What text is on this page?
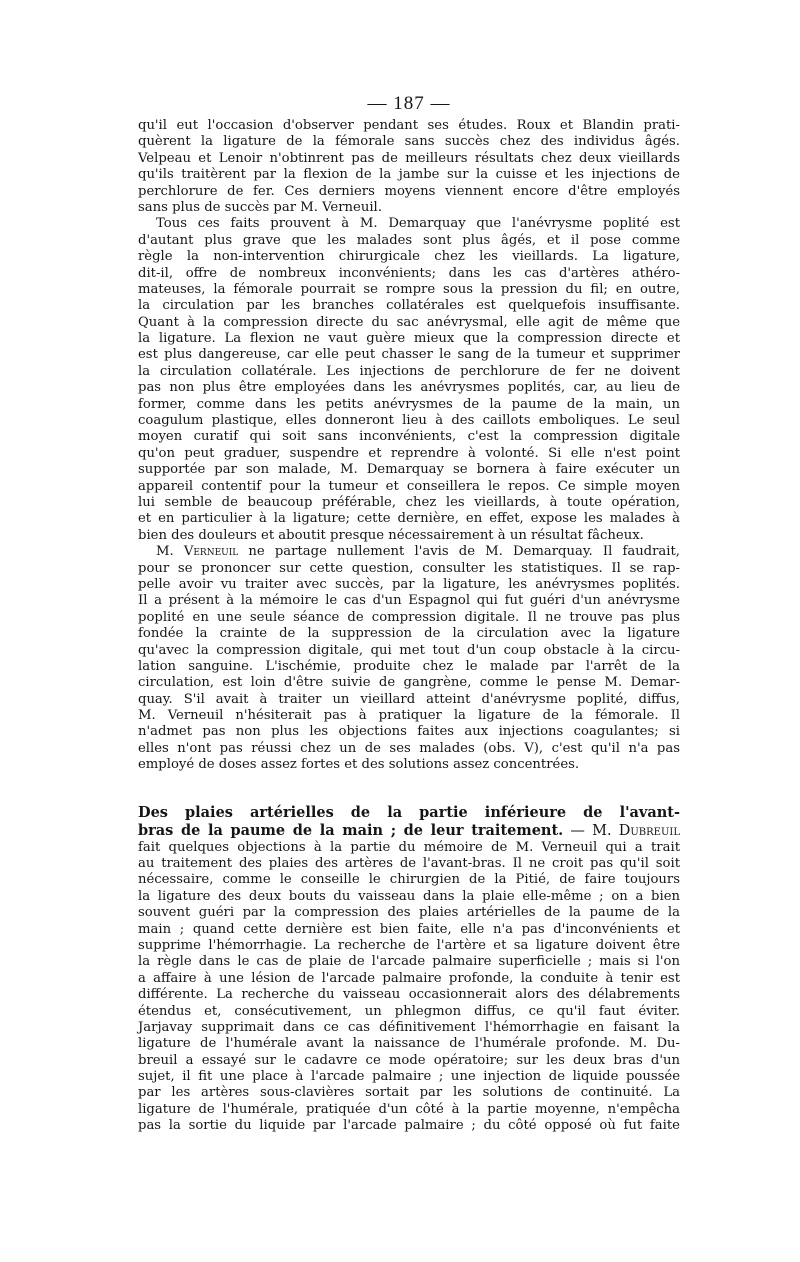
— 187 —
qu'il eut l'occasion d'observer pendant ses études. Roux et Blandin prati-
quèrent la ligature de la fémorale sans succès chez des individus âgés.
Velpeau et Lenoir n'obtinrent pas de meilleurs résultats chez deux vieillards
qu'ils traitèrent par la flexion de la jambe sur la cuisse et les injections de
perchlorure de fer. Ces derniers moyens viennent encore d'être employés
sans plus de succès par M. Verneuil.
Tous ces faits prouvent à M. Demarquay que l'anévrysme poplité est
d'autant plus grave que les malades sont plus âgés, et il pose comme
règle la non-intervention chirurgicale chez les vieillards. La ligature,
dit-il, offre de nombreux inconvénients; dans les cas d'artères athéro-
mateuses, la fémorale pourrait se rompre sous la pression du fil; en outre,
la circulation par les branches collatérales est quelquefois insuffisante.
Quant à la compression directe du sac anévrysmal, elle agit de même que
la ligature. La flexion ne vaut guère mieux que la compression directe et
est plus dangereuse, car elle peut chasser le sang de la tumeur et supprimer
la circulation collatérale. Les injections de perchlorure de fer ne doivent
pas non plus être employées dans les anévrysmes poplités, car, au lieu de
former, comme dans les petits anévrysmes de la paume de la main, un
coagulum plastique, elles donneront lieu à des caillots emboliques. Le seul
moyen curatif qui soit sans inconvénients, c'est la compression digitale
qu'on peut graduer, suspendre et reprendre à volonté. Si elle n'est point
supportée par son malade, M. Demarquay se bornera à faire exécuter un
appareil contentif pour la tumeur et conseillera le repos. Ce simple moyen
lui semble de beaucoup préférable, chez les vieillards, à toute opération,
et en particulier à la ligature; cette dernière, en effet, expose les malades à
bien des douleurs et aboutit presque nécessairement à un résultat fâcheux.
M. Verneuil ne partage nullement l'avis de M. Demarquay. Il faudrait,
pour se prononcer sur cette question, consulter les statistiques. Il se rap-
pelle avoir vu traiter avec succès, par la ligature, les anévrysmes poplités.
Il a présent à la mémoire le cas d'un Espagnol qui fut guéri d'un anévrysme
poplité en une seule séance de compression digitale. Il ne trouve pas plus
fondée la crainte de la suppression de la circulation avec la ligature
qu'avec la compression digitale, qui met tout d'un coup obstacle à la circu-
lation sanguine. L'ischémie, produite chez le malade par l'arrêt de la
circulation, est loin d'être suivie de gangrène, comme le pense M. Demar-
quay. S'il avait à traiter un vieillard atteint d'anévrysme poplité, diffus,
M. Verneuil n'hésiterait pas à pratiquer la ligature de la fémorale. Il
n'admet pas non plus les objections faites aux injections coagulantes; si
elles n'ont pas réussi chez un de ses malades (obs. V), c'est qu'il n'a pas
employé de doses assez fortes et des solutions assez concentrées.
Des plaies artérielles de la partie inférieure de l'avant-
bras de la paume de la main ; de leur traitement. — M. Dubreuil
fait quelques objections à la partie du mémoire de M. Verneuil qui a trait
au traitement des plaies des artères de l'avant-bras. Il ne croit pas qu'il soit
nécessaire, comme le conseille le chirurgien de la Pitié, de faire toujours
la ligature des deux bouts du vaisseau dans la plaie elle-même ; on a bien
souvent guéri par la compression des plaies artérielles de la paume de la
main ; quand cette dernière est bien faite, elle n'a pas d'inconvénients et
supprime l'hémorrhagie. La recherche de l'artère et sa ligature doivent être
la règle dans le cas de plaie de l'arcade palmaire superficielle ; mais si l'on
a affaire à une lésion de l'arcade palmaire profonde, la conduite à tenir est
différente. La recherche du vaisseau occasionnerait alors des délabrements
étendus et, consécutivement, un phlegmon diffus, ce qu'il faut éviter.
Jarjavay supprimait dans ce cas définitivement l'hémorrhagie en faisant la
ligature de l'humérale avant la naissance de l'humérale profonde. M. Du-
breuil a essayé sur le cadavre ce mode opératoire; sur les deux bras d'un
sujet, il fit une place à l'arcade palmaire ; une injection de liquide poussée
par les artères sous-clavières sortait par les solutions de continuité. La
ligature de l'humérale, pratiquée d'un côté à la partie moyenne, n'empêcha
pas la sortie du liquide par l'arcade palmaire ; du côté opposé où fut faite
